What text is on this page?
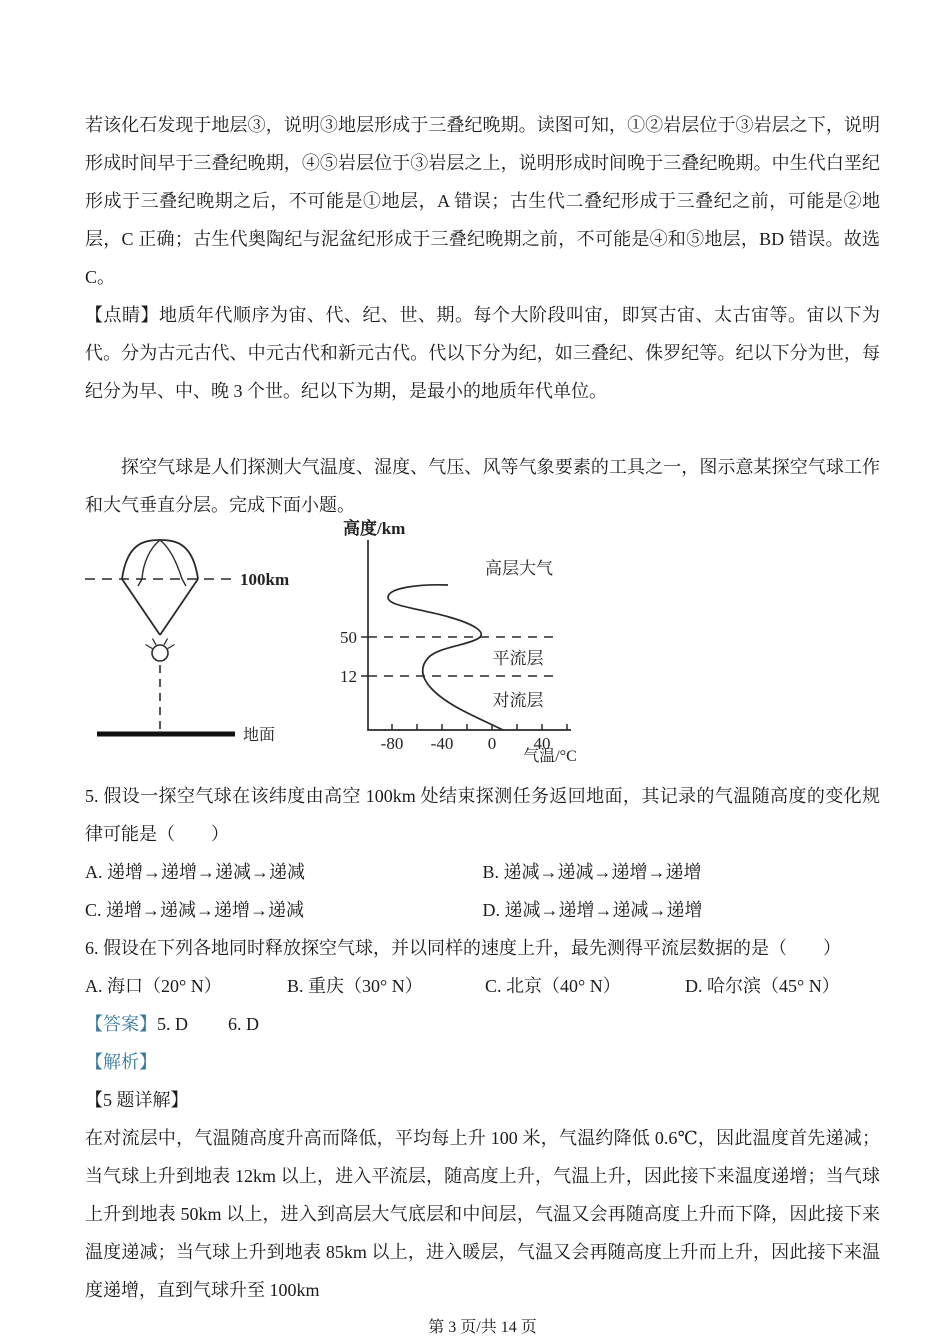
若该化石发现于地层③，说明③地层形成于三叠纪晚期。读图可知，①②岩层位于③岩层之下，说明形成时间早于三叠纪晚期，④⑤岩层位于③岩层之上，说明形成时间晚于三叠纪晚期。中生代白垩纪形成于三叠纪晚期之后，不可能是①地层，A 错误；古生代二叠纪形成于三叠纪之前，可能是②地层，C 正确；古生代奥陶纪与泥盆纪形成于三叠纪晚期之前，不可能是④和⑤地层，BD 错误。故选 C。

【点睛】地质年代顺序为宙、代、纪、世、期。每个大阶段叫宙，即冥古宙、太古宙等。宙以下为代。分为古元古代、中元古代和新元古代。代以下分为纪，如三叠纪、侏罗纪等。纪以下分为世，每纪分为早、中、晚 3 个世。纪以下为期，是最小的地质年代单位。

探空气球是人们探测大气温度、湿度、气压、风等气象要素的工具之一，图示意某探空气球工作和大气垂直分层。完成下面小题。

100km
地面
高度/km
50
12
-80 -40 0 40
气温/°C
高层大气
平流层
对流层

5. 假设一探空气球在该纬度由高空 100km 处结束探测任务返回地面，其记录的气温随高度的变化规律可能是（　　）

A. 递增→递增→递减→递减	B. 递减→递减→递增→递增
C. 递增→递减→递增→递减	D. 递减→递增→递减→递增

6. 假设在下列各地同时释放探空气球，并以同样的速度上升，最先测得平流层数据的是（　　）

A. 海口（20° N）	B. 重庆（30° N）	C. 北京（40° N）	D. 哈尔滨（45° N）

【答案】5. D 6. D

【解析】

【5 题详解】

在对流层中，气温随高度升高而降低，平均每上升 100 米，气温约降低 0.6℃，因此温度首先递减；当气球上升到地表 12km 以上，进入平流层，随高度上升，气温上升，因此接下来温度递增；当气球上升到地表 50km 以上，进入到高层大气底层和中间层，气温又会再随高度上升而下降，因此接下来温度递减；当气球上升到地表 85km 以上，进入暖层，气温又会再随高度上升而上升，因此接下来温度递增，直到气球升至 100km

第 3 页/共 14 页
